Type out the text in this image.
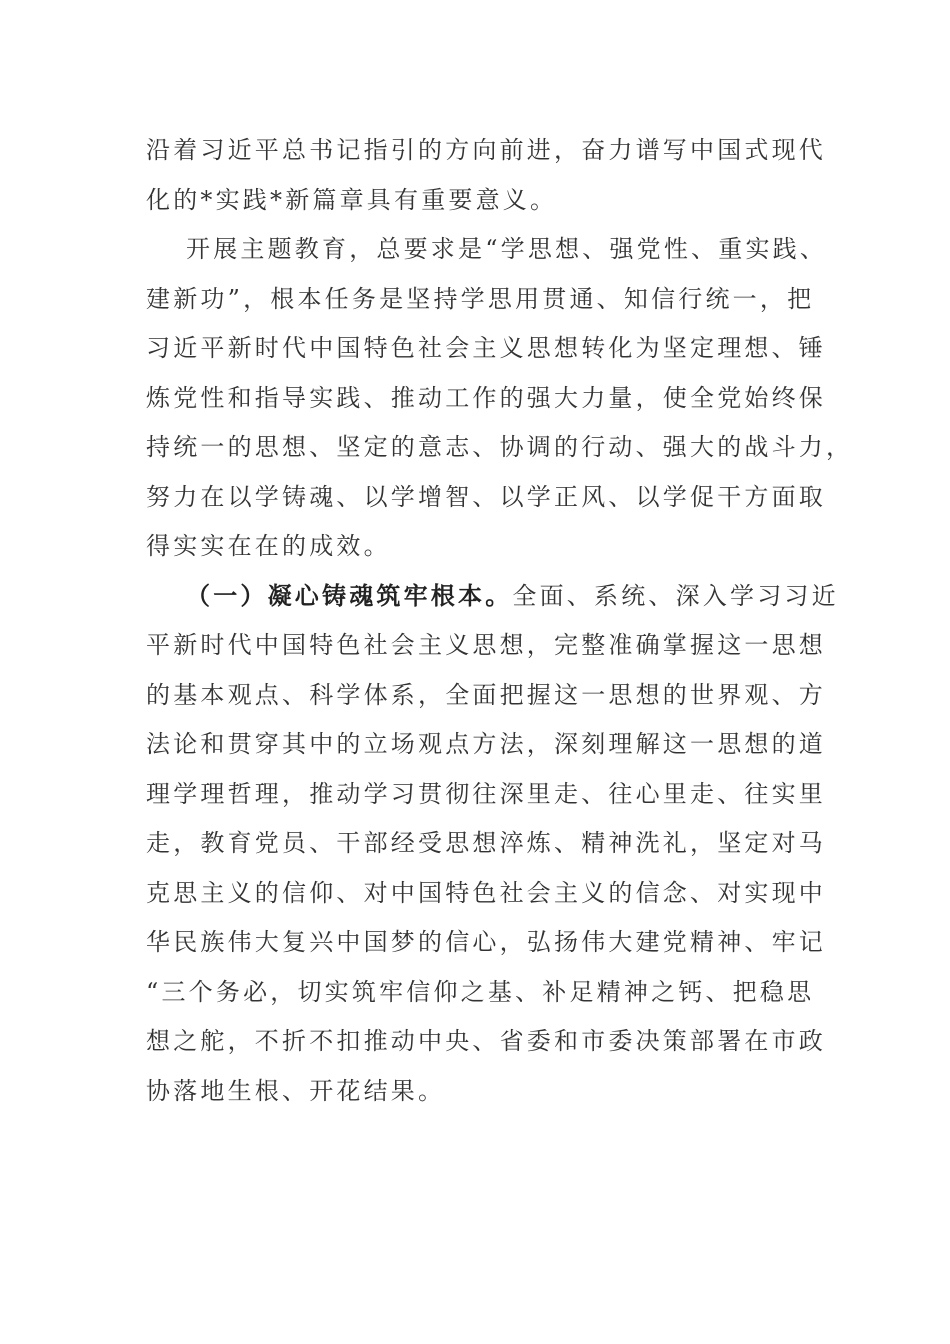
沿着习近平总书记指引的方向前进，奋力谱写中国式现代
化的*实践*新篇章具有重要意义。
开展主题教育，总要求是“学思想、强党性、重实践、
建新功”，根本任务是坚持学思用贯通、知信行统一，把
习近平新时代中国特色社会主义思想转化为坚定理想、锤
炼党性和指导实践、推动工作的强大力量，使全党始终保
持统一的思想、坚定的意志、协调的行动、强大的战斗力，
努力在以学铸魂、以学增智、以学正风、以学促干方面取
得实实在在的成效。
（一）凝心铸魂筑牢根本。全面、系统、深入学习习近
平新时代中国特色社会主义思想，完整准确掌握这一思想
的基本观点、科学体系，全面把握这一思想的世界观、方
法论和贯穿其中的立场观点方法，深刻理解这一思想的道
理学理哲理，推动学习贯彻往深里走、往心里走、往实里
走，教育党员、干部经受思想淬炼、精神洗礼，坚定对马
克思主义的信仰、对中国特色社会主义的信念、对实现中
华民族伟大复兴中国梦的信心，弘扬伟大建党精神、牢记
“三个务必，切实筑牢信仰之基、补足精神之钙、把稳思
想之舵，不折不扣推动中央、省委和市委决策部署在市政
协落地生根、开花结果。
